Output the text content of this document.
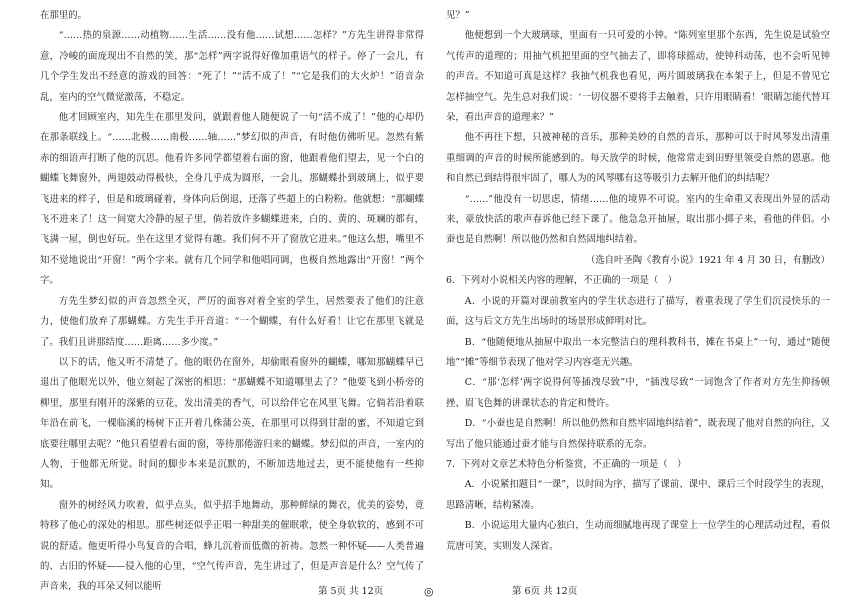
在那里的。

“……热的泉源……动植物……生活……没有他……试想……怎样？”方先生讲得非常得意，冷峻的面庞现出不自然的笑，那“怎样”两字说得好像加重语气的样子。停了一会儿，有几个学生发出不经意的游戏的回答：“死了！”“活不成了！”“它是我们的大火炉！”语音杂乱，室内的空气微觉激荡，不稳定。

他才回顾室内，知先生在那里发问，就跟着他人随便说了一句“活不成了！”他的心却仍在那条联线上。“……北极……南极……轴……”梦幻似的声音，有时他仿佛听见。忽然有紫赤的细语声打断了他的沉思。他看许多同学都望着右面的窗，他跟着他们望去，见一个白的蝴蝶飞舞窗外，两翅鼓动得极快，全身几乎成为圆形，一会儿，那蝴蝶扑到玻璃上，似乎要飞进来的样子，但是和玻璃碰着，身体向后倒退，还落了些超上的白粉粉。他就想：“那蝴蝶飞不进来了！这一间宽大冷静的屋子里，倘若放许多蝴蝶进来，白的、黄的、斑斓的都有，飞满一屋，倒也好玩。坐在这里才觉得有趣。我们何不开了窗放它进来。”他这么想，嘴里不知不觉地说出“开窗！”两个字来。就有几个同学和他唱同调，也极自然地露出“开窗！”两个字。

方先生梦幻似的声音忽然全灭，严厉的面容对着全室的学生，居然要表了他们的注意力，使他们放弃了那蝴蝶。方先生手开音道：“一个蝴蝶，有什么好看！让它在那里飞就是了。我们且讲那结度……距离……多少度。”

以下的话，他又听不清楚了。他的眼仍在窗外，却偷眼看窗外的蝴蝶，哪知那蝴蝶早已退出了他眼光以外，他立刻起了深密的相思：“那蝴蝶不知道哪里去了？”他要飞到小桥旁的柳里，那里有刚开的深紫的豆花，发出清美的香气，可以给伴它在风里飞舞。它倘若沿着联年沿在前飞，一棵临溪的杨树下正开着几株蒲公英，在那里可以得到甘甜的蜜，不知道它到底要往哪里去呢？”他只看望着右面的窗，等待那倦游归来的蝴蝶。梦幻似的声音，一室内的人物，于他都无所觉。时间的脚步本来是沉默的，不断加迭地过去，更不能使他有一些抑知。

窗外的树经风力吹着，似乎点头，似乎招手地舞动，那种鲜绿的舞衣，优美的姿势，竟特移了他心的深处的相思。那些树还似乎正唱一种甜美的催眠歌，使全身软软的，感到不可说的舒适。他更听得小鸟复音的合唱，蜂儿沉着而低微的祈祷。忽然一种怀疑——人类普遍的、古旧的怀疑——侵入他的心里，“空气传声音，先生讲过了，但是声音是什么？空气传了声音来，我的耳朵又何以能听

见？”

他便想到一个大玻璃球，里面有一只可爱的小钟。“陈列室里那个东西，先生说是试验空气传声的道理的；用抽气机把里面的空气抽去了，即将球摇动，使钟科动荡，也不会听见钟的声音。不知道可真是这样？我抽气机我也看见，两片圆玻璃我在本架子上，但是不曾见它怎样抽空气。先生总对我们说：‘一切仪器不要将手去触着，只许用眼睛看！’眼睛怎能代替耳朵，看出声音的道理来？”

他不再往下想，只被神秘的音乐，那种美妙的自然的音乐，那种可以于时风琴发出清重重细调的声音的时候所能感到的。每天放学的时候，他常常走到田野里领受自然的恩惠。他和自然已到结得很牢固了，哪人为的风琴哪有这等吸引力去解开他们的纠结呢？

“……”他没有一切思虑，情绪……他的境界不可说。室内的生命重又表现出外显的活动来，豪放快活的歌声春诉他已经下课了。他急急开抽屉，取出那小掷子来，看他的伴侣。小蚕也是自然啊！所以他仍然和自然固地纠结着。

（选自叶圣陶《教育小说》1921 年 4 月 30 日，有删改）

6．下列对小说相关内容的理解，不正确的一项是（　）

A．小说的开篇对课前教室内的学生状态进行了描写，着重表现了学生们沉浸快乐的一面，这与后文方先生出场时的场景形成鲜明对比。

B．“他随便地从抽屉中取出一本完整洁白的理科教科书，摊在书桌上”一句，通过“随便地”“摊”等细节表现了他对学习内容毫无兴趣。

C．“那‘怎样’两字说得何等插洩尽致”中，“插洩尽致”一词饱含了作者对方先生抑扬顿挫、眉飞色舞的讲课状态的肯定和赞许。

D．“小蚕也是自然啊！所以他仍然和自然牢固地纠结着”，既表现了他对自然的向往，又写出了他只能通过蚕才能与自然保持联系的无奈。

7．下列对文章艺术特色分析鉴赏，不正确的一项是（　）

A．小说紧扣题目“一课”，以时间为序，描写了课前、课中、课后三个时段学生的表现，思路清晰，结构紧凑。

B．小说运用大量内心独白，生动而细腻地再现了课堂上一位学生的心理活动过程，看似荒唐可笑，实则发人深省。

第 5页 共 12页	◎	第 6页 共 12页
